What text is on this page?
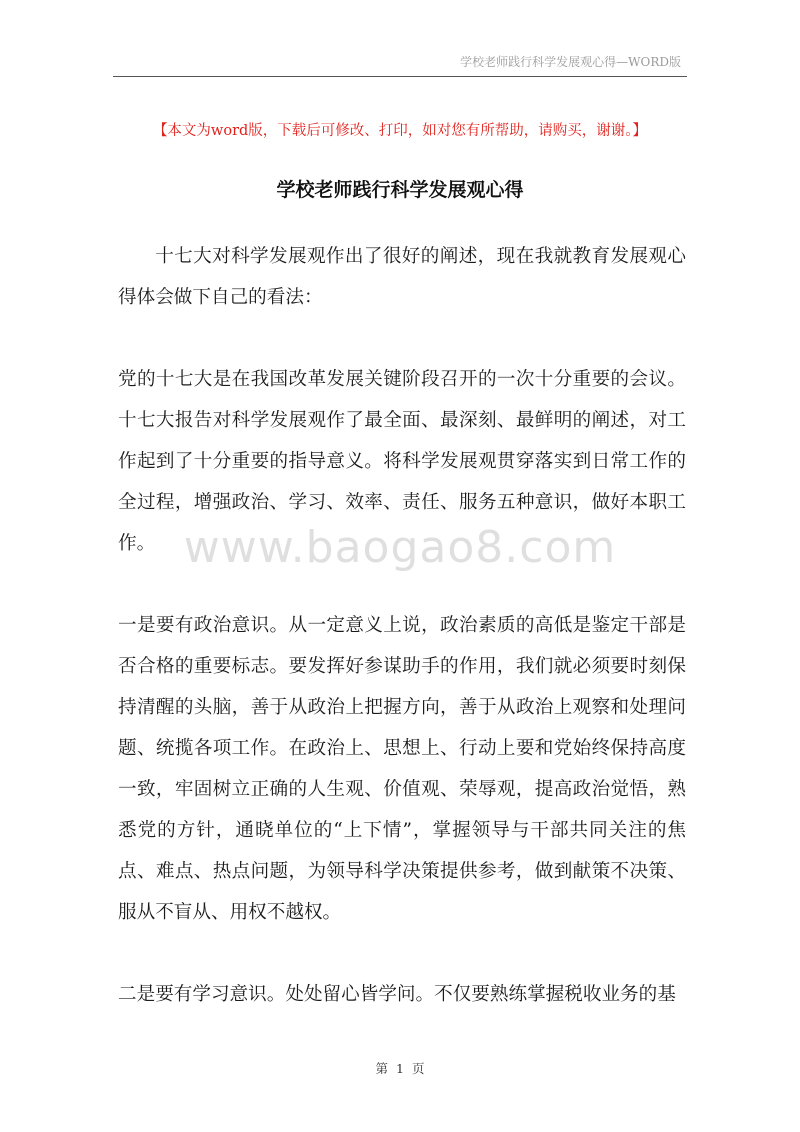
学校老师践行科学发展观心得—WORD版
【本文为word版，下载后可修改、打印，如对您有所帮助，请购买，谢谢。】
学校老师践行科学发展观心得

十七大对科学发展观作出了很好的阐述，现在我就教育发展观心得体会做下自己的看法：

党的十七大是在我国改革发展关键阶段召开的一次十分重要的会议。十七大报告对科学发展观作了最全面、最深刻、最鲜明的阐述，对工作起到了十分重要的指导意义。将科学发展观贯穿落实到日常工作的全过程，增强政治、学习、效率、责任、服务五种意识，做好本职工作。

一是要有政治意识。从一定意义上说，政治素质的高低是鉴定干部是否合格的重要标志。要发挥好参谋助手的作用，我们就必须要时刻保持清醒的头脑，善于从政治上把握方向，善于从政治上观察和处理问题、统揽各项工作。在政治上、思想上、行动上要和党始终保持高度一致，牢固树立正确的人生观、价值观、荣辱观，提高政治觉悟，熟悉党的方针，通晓单位的“上下情”，掌握领导与干部共同关注的焦点、难点、热点问题，为领导科学决策提供参考，做到献策不决策、服从不盲从、用权不越权。

二是要有学习意识。处处留心皆学问。不仅要熟练掌握税收业务的基

www.baogao8.com
第 1 页
